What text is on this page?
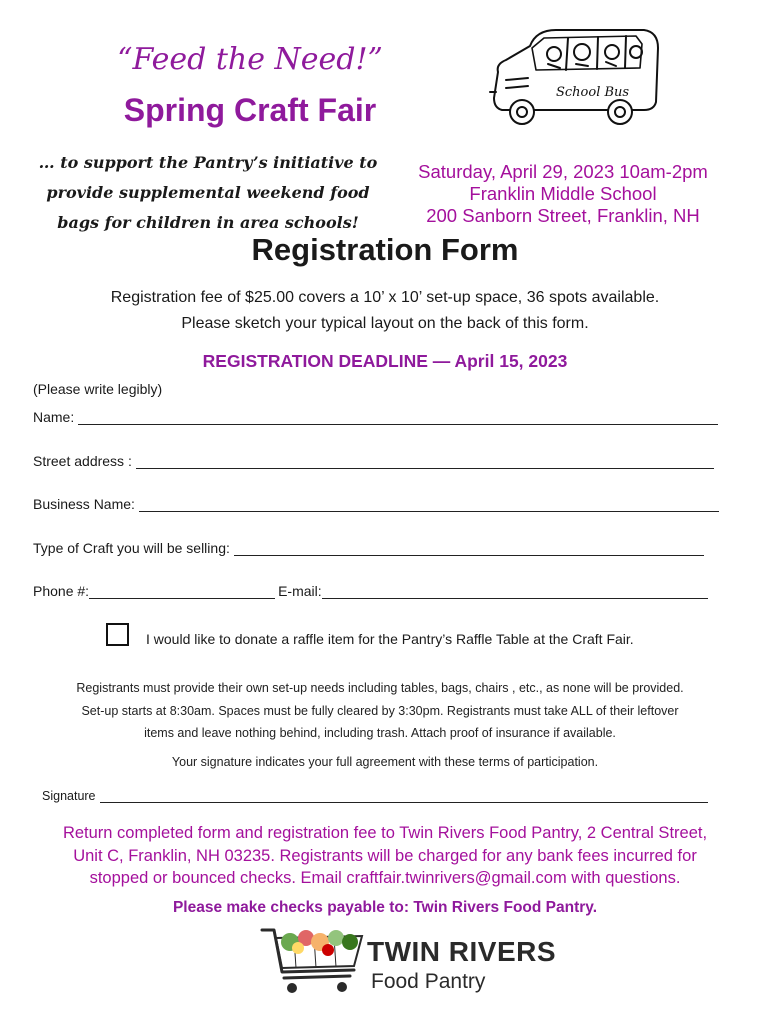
“Feed the Need!”
Spring Craft Fair
… to support the Pantry’s initiative to
provide supplemental weekend food
bags for children in area schools!
Saturday, April 29, 2023 10am-2pm
Franklin Middle School
200 Sanborn Street, Franklin, NH
School Bus
Registration Form
Registration fee of $25.00 covers a 10’ x 10’ set-up space, 36 spots available.
Please sketch your typical layout on the back of this form.
REGISTRATION DEADLINE — April 15, 2023
(Please write legibly)
Name:
Street address :
Business Name:
Type of Craft you will be selling:
Phone #:	E-mail:
I would like to donate a raffle item for the Pantry’s Raffle Table at the Craft Fair.
Registrants must provide their own set-up needs including tables, bags, chairs , etc., as none will be provided.
Set-up starts at 8:30am. Spaces must be fully cleared by 3:30pm. Registrants must take ALL of their leftover
items and leave nothing behind, including trash. Attach proof of insurance if available.
Your signature indicates your full agreement with these terms of participation.
Signature
Return completed form and registration fee to Twin Rivers Food Pantry, 2 Central Street,
Unit C, Franklin, NH 03235. Registrants will be charged for any bank fees incurred for
stopped or bounced checks. Email craftfair.twinrivers@gmail.com with questions.
Please make checks payable to: Twin Rivers Food Pantry.
TWIN RIVERS
Food Pantry
